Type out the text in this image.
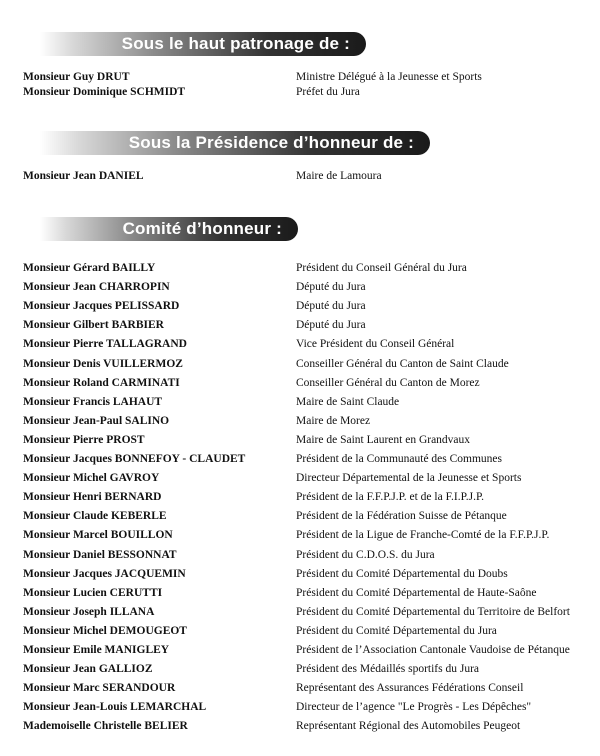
Sous le haut patronage de :
Sous la Présidence d’honneur de :
Comité d’honneur :
Monsieur Guy DRUT	Ministre Délégué à la Jeunesse et Sports
Monsieur Dominique SCHMIDT	Préfet du Jura
Monsieur Jean DANIEL	Maire de Lamoura
Monsieur Gérard BAILLY	Président du Conseil Général du Jura
Monsieur Jean CHARROPIN	Député du Jura
Monsieur Jacques PELISSARD	Député du Jura
Monsieur Gilbert BARBIER	Député du Jura
Monsieur Pierre TALLAGRAND	Vice Président du Conseil Général
Monsieur Denis VUILLERMOZ	Conseiller Général du Canton de Saint Claude
Monsieur Roland CARMINATI	Conseiller Général du Canton de Morez
Monsieur Francis LAHAUT	Maire de Saint Claude
Monsieur Jean-Paul SALINO	Maire de Morez
Monsieur Pierre PROST	Maire de Saint Laurent en Grandvaux
Monsieur Jacques BONNEFOY - CLAUDET	Président de la Communauté des Communes
Monsieur Michel GAVROY	Directeur Départemental de la Jeunesse et Sports
Monsieur Henri BERNARD	Président de la F.F.P.J.P. et de la F.I.P.J.P.
Monsieur Claude KEBERLE	Président de la Fédération Suisse de Pétanque
Monsieur Marcel BOUILLON	Président de la Ligue de Franche-Comté de la F.F.P.J.P.
Monsieur Daniel BESSONNAT	Président du C.D.O.S. du Jura
Monsieur Jacques JACQUEMIN	Président du Comité Départemental du Doubs
Monsieur Lucien CERUTTI	Président du Comité Départemental de Haute-Saône
Monsieur Joseph ILLANA	Président du Comité Départemental du Territoire de Belfort
Monsieur Michel DEMOUGEOT	Président du Comité Départemental du Jura
Monsieur Emile MANIGLEY	Président de l’Association Cantonale Vaudoise de Pétanque
Monsieur Jean GALLIOZ	Président des Médaillés sportifs du Jura
Monsieur Marc SERANDOUR	Représentant des Assurances Fédérations Conseil
Monsieur Jean-Louis LEMARCHAL	Directeur de l’agence "Le Progrès - Les Dépêches"
Mademoiselle Christelle BELIER	Représentant Régional des Automobiles Peugeot
